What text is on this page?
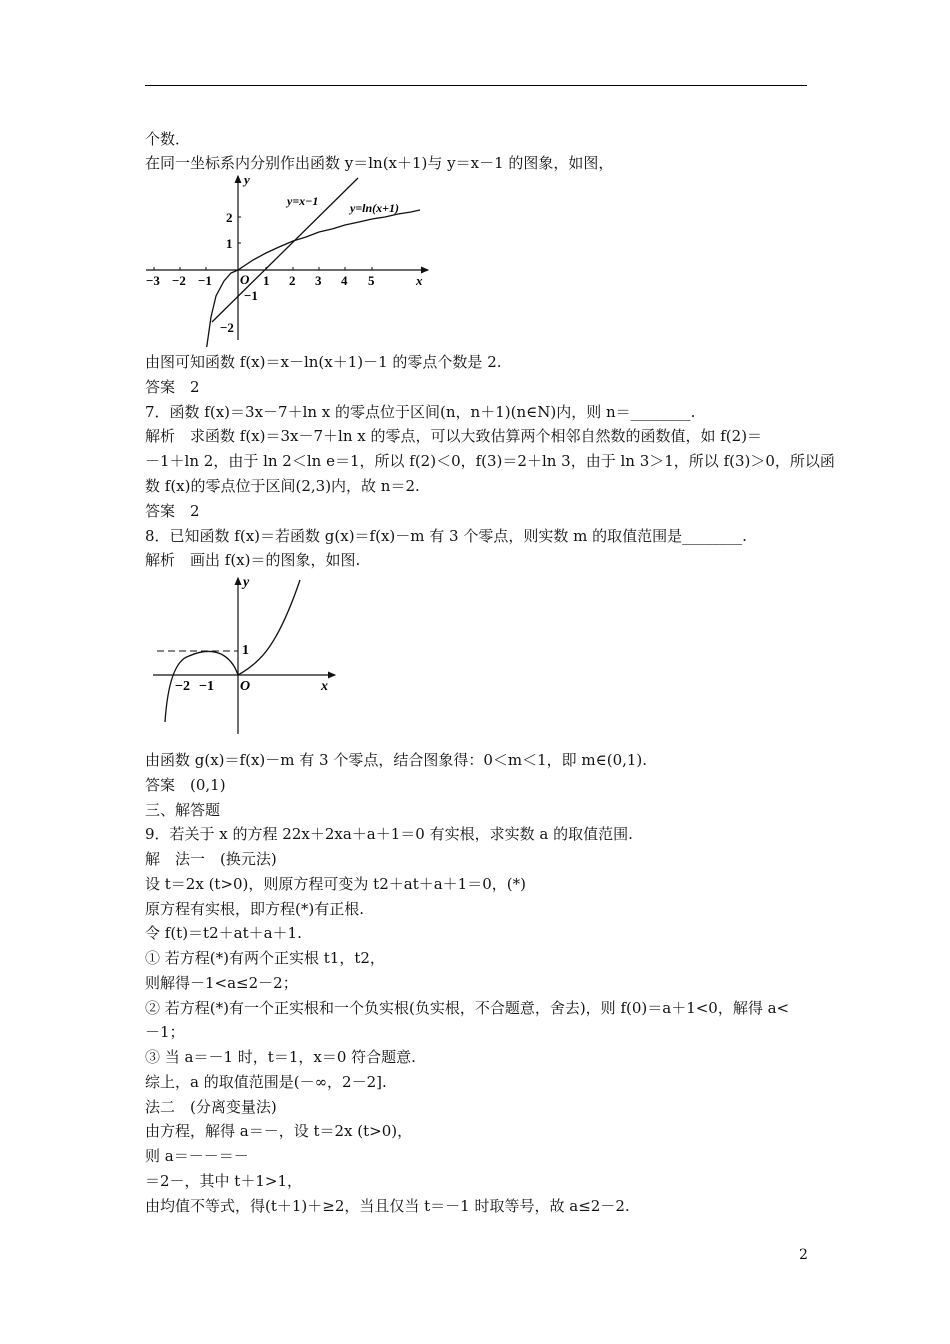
个数．
在同一坐标系内分别作出函数 y＝ln(x＋1)与 y＝x－1 的图象，如图，
y
x
O
−3 −2 −1	1 2 3 4 5
2
1
−1
−2
y=x−1	y=ln(x+1)
由图可知函数 f(x)＝x－ln(x＋1)－1 的零点个数是 2.
答案　2
7．函数 f(x)＝3x－7＋ln x 的零点位于区间(n，n＋1)(n∈N)内，则 n＝________.
解析　求函数 f(x)＝3x－7＋ln x 的零点，可以大致估算两个相邻自然数的函数值，如 f(2)＝
－1＋ln 2，由于 ln 2＜ln e＝1，所以 f(2)＜0，f(3)＝2＋ln 3，由于 ln 3＞1，所以 f(3)＞0，所以函
数 f(x)的零点位于区间(2,3)内，故 n＝2.
答案　2
8．已知函数 f(x)＝若函数 g(x)＝f(x)－m 有 3 个零点，则实数 m 的取值范围是________.
解析　画出 f(x)＝的图象，如图.
y
x
O
−2 −1
1
由函数 g(x)＝f(x)－m 有 3 个零点，结合图象得：0＜m＜1，即 m∈(0,1).
答案　(0,1)
三、解答题
9．若关于 x 的方程 22x＋2xa＋a＋1＝0 有实根，求实数 a 的取值范围.
解　法一　(换元法)
设 t＝2x (t>0)，则原方程可变为 t2＋at＋a＋1＝0，(*)
原方程有实根，即方程(*)有正根.
令 f(t)＝t2＋at＋a＋1.
① 若方程(*)有两个正实根 t1，t2，
则解得－1<a≤2－2；
② 若方程(*)有一个正实根和一个负实根(负实根，不合题意，舍去)，则 f(0)＝a＋1<0，解得 a<
－1；
③ 当 a＝－1 时，t＝1，x＝0 符合题意.
综上，a 的取值范围是(－∞，2－2].
法二　(分离变量法)
由方程，解得 a＝－，设 t＝2x (t>0)，
则 a＝－－＝－
＝2－，其中 t＋1>1，
由均值不等式，得(t＋1)＋≥2，当且仅当 t＝－1 时取等号，故 a≤2－2.
2
